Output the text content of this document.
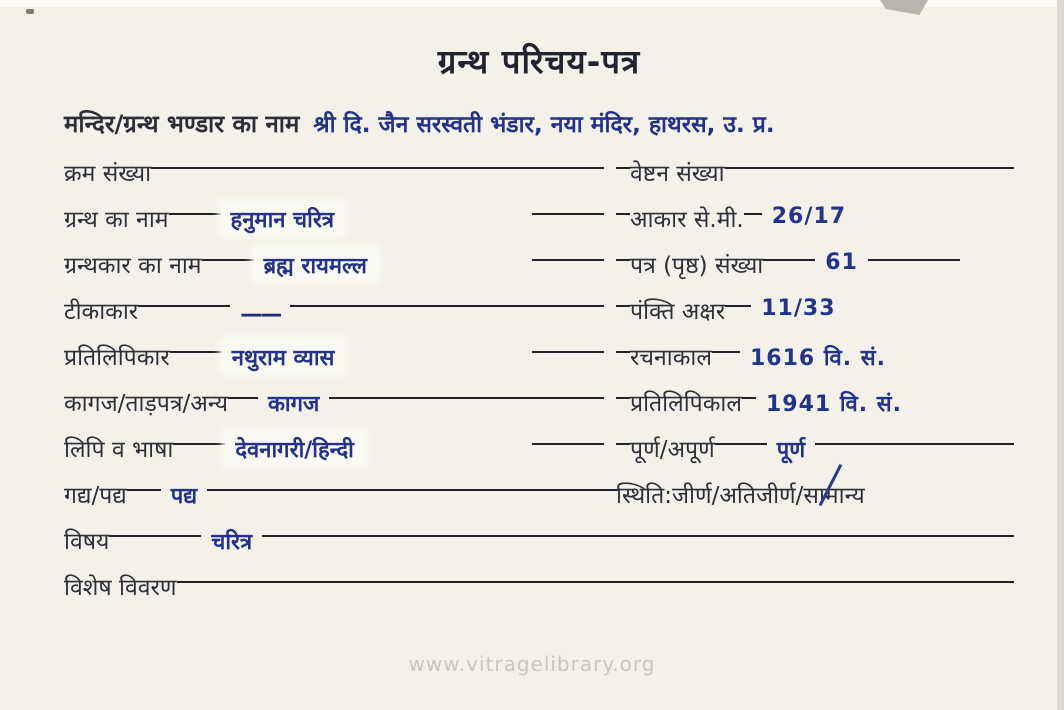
ग्रन्थ परिचय-पत्र
मन्दिर/ग्रन्थ भण्डार का नाम श्री दि. जैन सरस्वती भंडार, नया मंदिर, हाथरस, उ. प्र.
क्रम संख्या
ग्रन्थ का नाम	हनुमान चरित्र
ग्रन्थकार का नाम	ब्रह्म रायमल्ल
टीकाकार	——
प्रतिलिपिकार	नथुराम व्यास
कागज/ताड़पत्र/अन्य	कागज
लिपि व भाषा	देवनागरी/हिन्दी
गद्य/पद्य	पद्य
वेष्टन संख्या
आकार से.मी.	26/17
पत्र (पृष्ठ) संख्या	61
पंक्ति अक्षर	11/33
रचनाकाल	1616 वि. सं.
प्रतिलिपिकाल	1941 वि. सं.
पूर्ण/अपूर्ण	पूर्ण
स्थिति:जीर्ण/अतिजीर्ण/ सामान्य
विषय	चरित्र
विशेष विवरण
www.vitragelibrary.org
